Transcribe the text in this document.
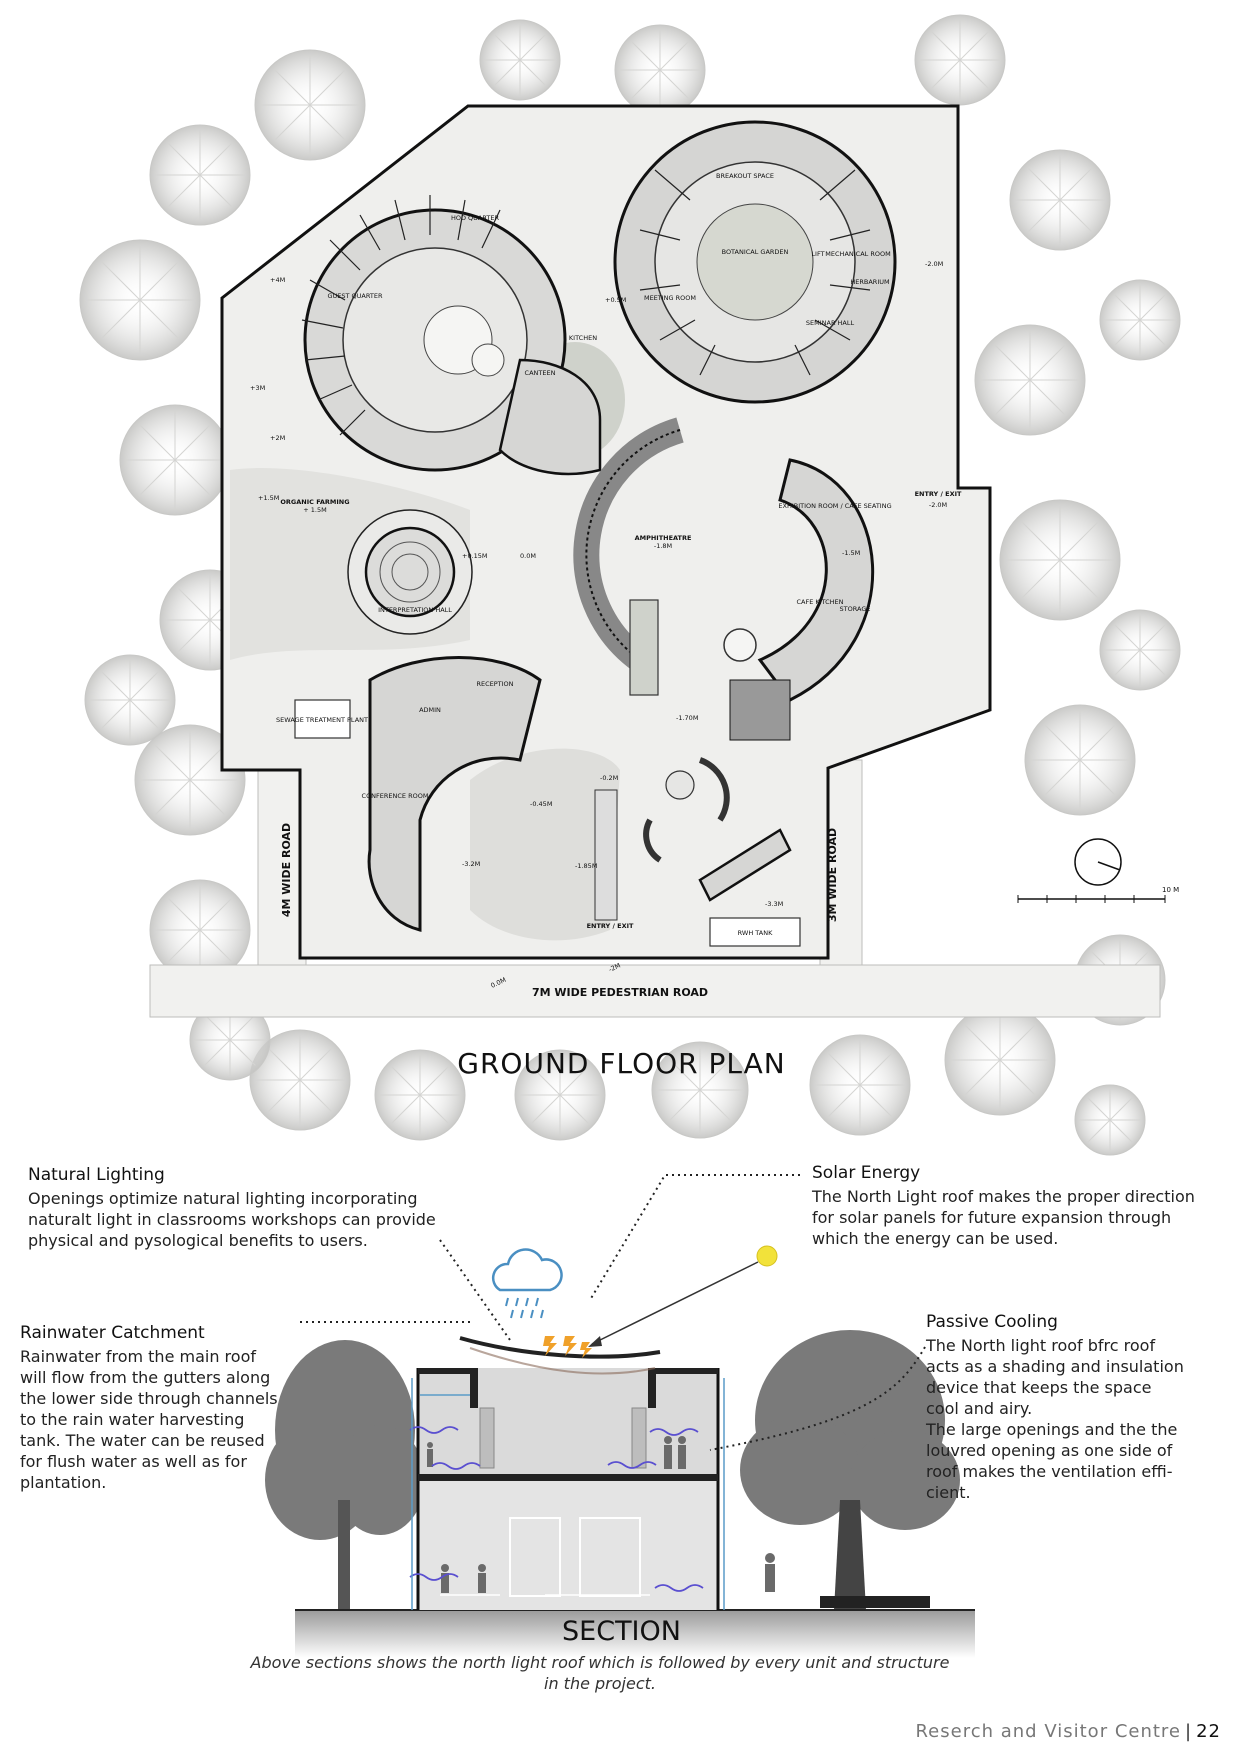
10 M
7M WIDE PEDESTRIAN ROAD
4M WIDE ROAD	3M WIDE ROAD
AMPHITHEATRE
-1.8M
EXHIBITION ROOM / CAFE SEATING
CAFE KITCHEN
STORAGE
ORGANIC FARMING
+ 1.5M
INTERPRETATION HALL
SEWAGE TREATMENT PLANT
RECEPTION
CONFERENCE ROOM
ADMIN
CANTEEN
KITCHEN
GUEST QUARTER
HOD QUARTER
BOTANICAL GARDEN
BREAKOUT SPACE
MECHANICAL ROOM
HERBARIUM
SEMINAR HALL
MEETING ROOM
LIFT
RWH TANK
ENTRY / EXIT
ENTRY / EXIT
-2.0M
+4M
+3M
+2M
+1.5M
+0.5M
0.0M
+0.15M
-1.70M
-0.45M
-1.85M
-0.2M
-3.2M
-1.5M
-2.0M
-3.3M
0.0M
-2M
GROUND FLOOR PLAN
Natural Lighting
Openings optimize natural lighting incorporating
naturalt light in classrooms workshops can provide
physical and pysological benefits to users.
Solar Energy
The North Light roof makes the proper direction
for solar panels for future expansion through
which the energy can be used.
Rainwater Catchment
Rainwater from the main roof
will flow from the gutters along
the lower side through channels
to the rain water harvesting
tank. The water can be reused
for flush water as well as for
plantation.
Passive Cooling
The North light roof bfrc roof
acts as a shading and insulation
device that keeps the space
cool and airy.
The large openings and the the
louvred opening as one side of
roof makes the ventilation effi-
cient.
SECTION
Above sections shows the north light roof which is followed by every unit and structure in the project.
Reserch and Visitor Centre | 22
